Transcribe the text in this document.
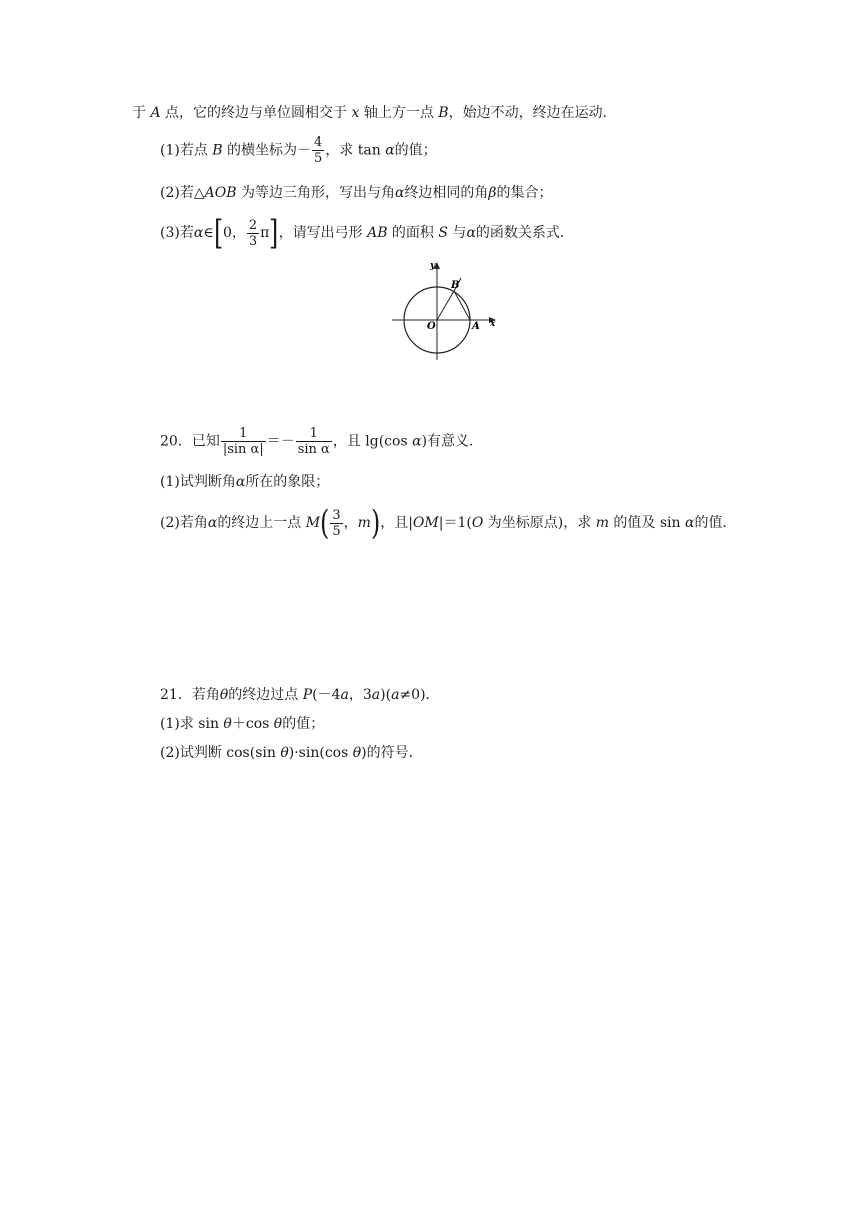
于 A 点，它的终边与单位圆相交于 x 轴上方一点 B，始边不动，终边在运动．
(1)若点 B 的横坐标为－ $\frac{4}{5}$ ，求 tan α的值；
(2)若△AOB 为等边三角形，写出与角α终边相同的角β的集合；
(3)若α∈[0， $\frac{2}{3} \pi$]，请写出弓形 AB 的面积 S 与α的函数关系式．
y
x
O	A
B
20．已知 $\frac{1}{\text{|sin α|}} =- \frac{1}{\text{sin α}}$ ，且 lg(cos α)有意义．
(1)试判断角α所在的象限；
(2)若角α的终边上一点 $M( \frac{3}{5}$ ，m)，且|OM|＝1(O 为坐标原点)，求 m 的值及 sin α的值．
21．若角θ的终边过点 P(－4a，3a)(a≠0)．
(1)求 sin θ＋cos θ的值；
(2)试判断 cos(sin θ)·sin(cos θ)的符号．
